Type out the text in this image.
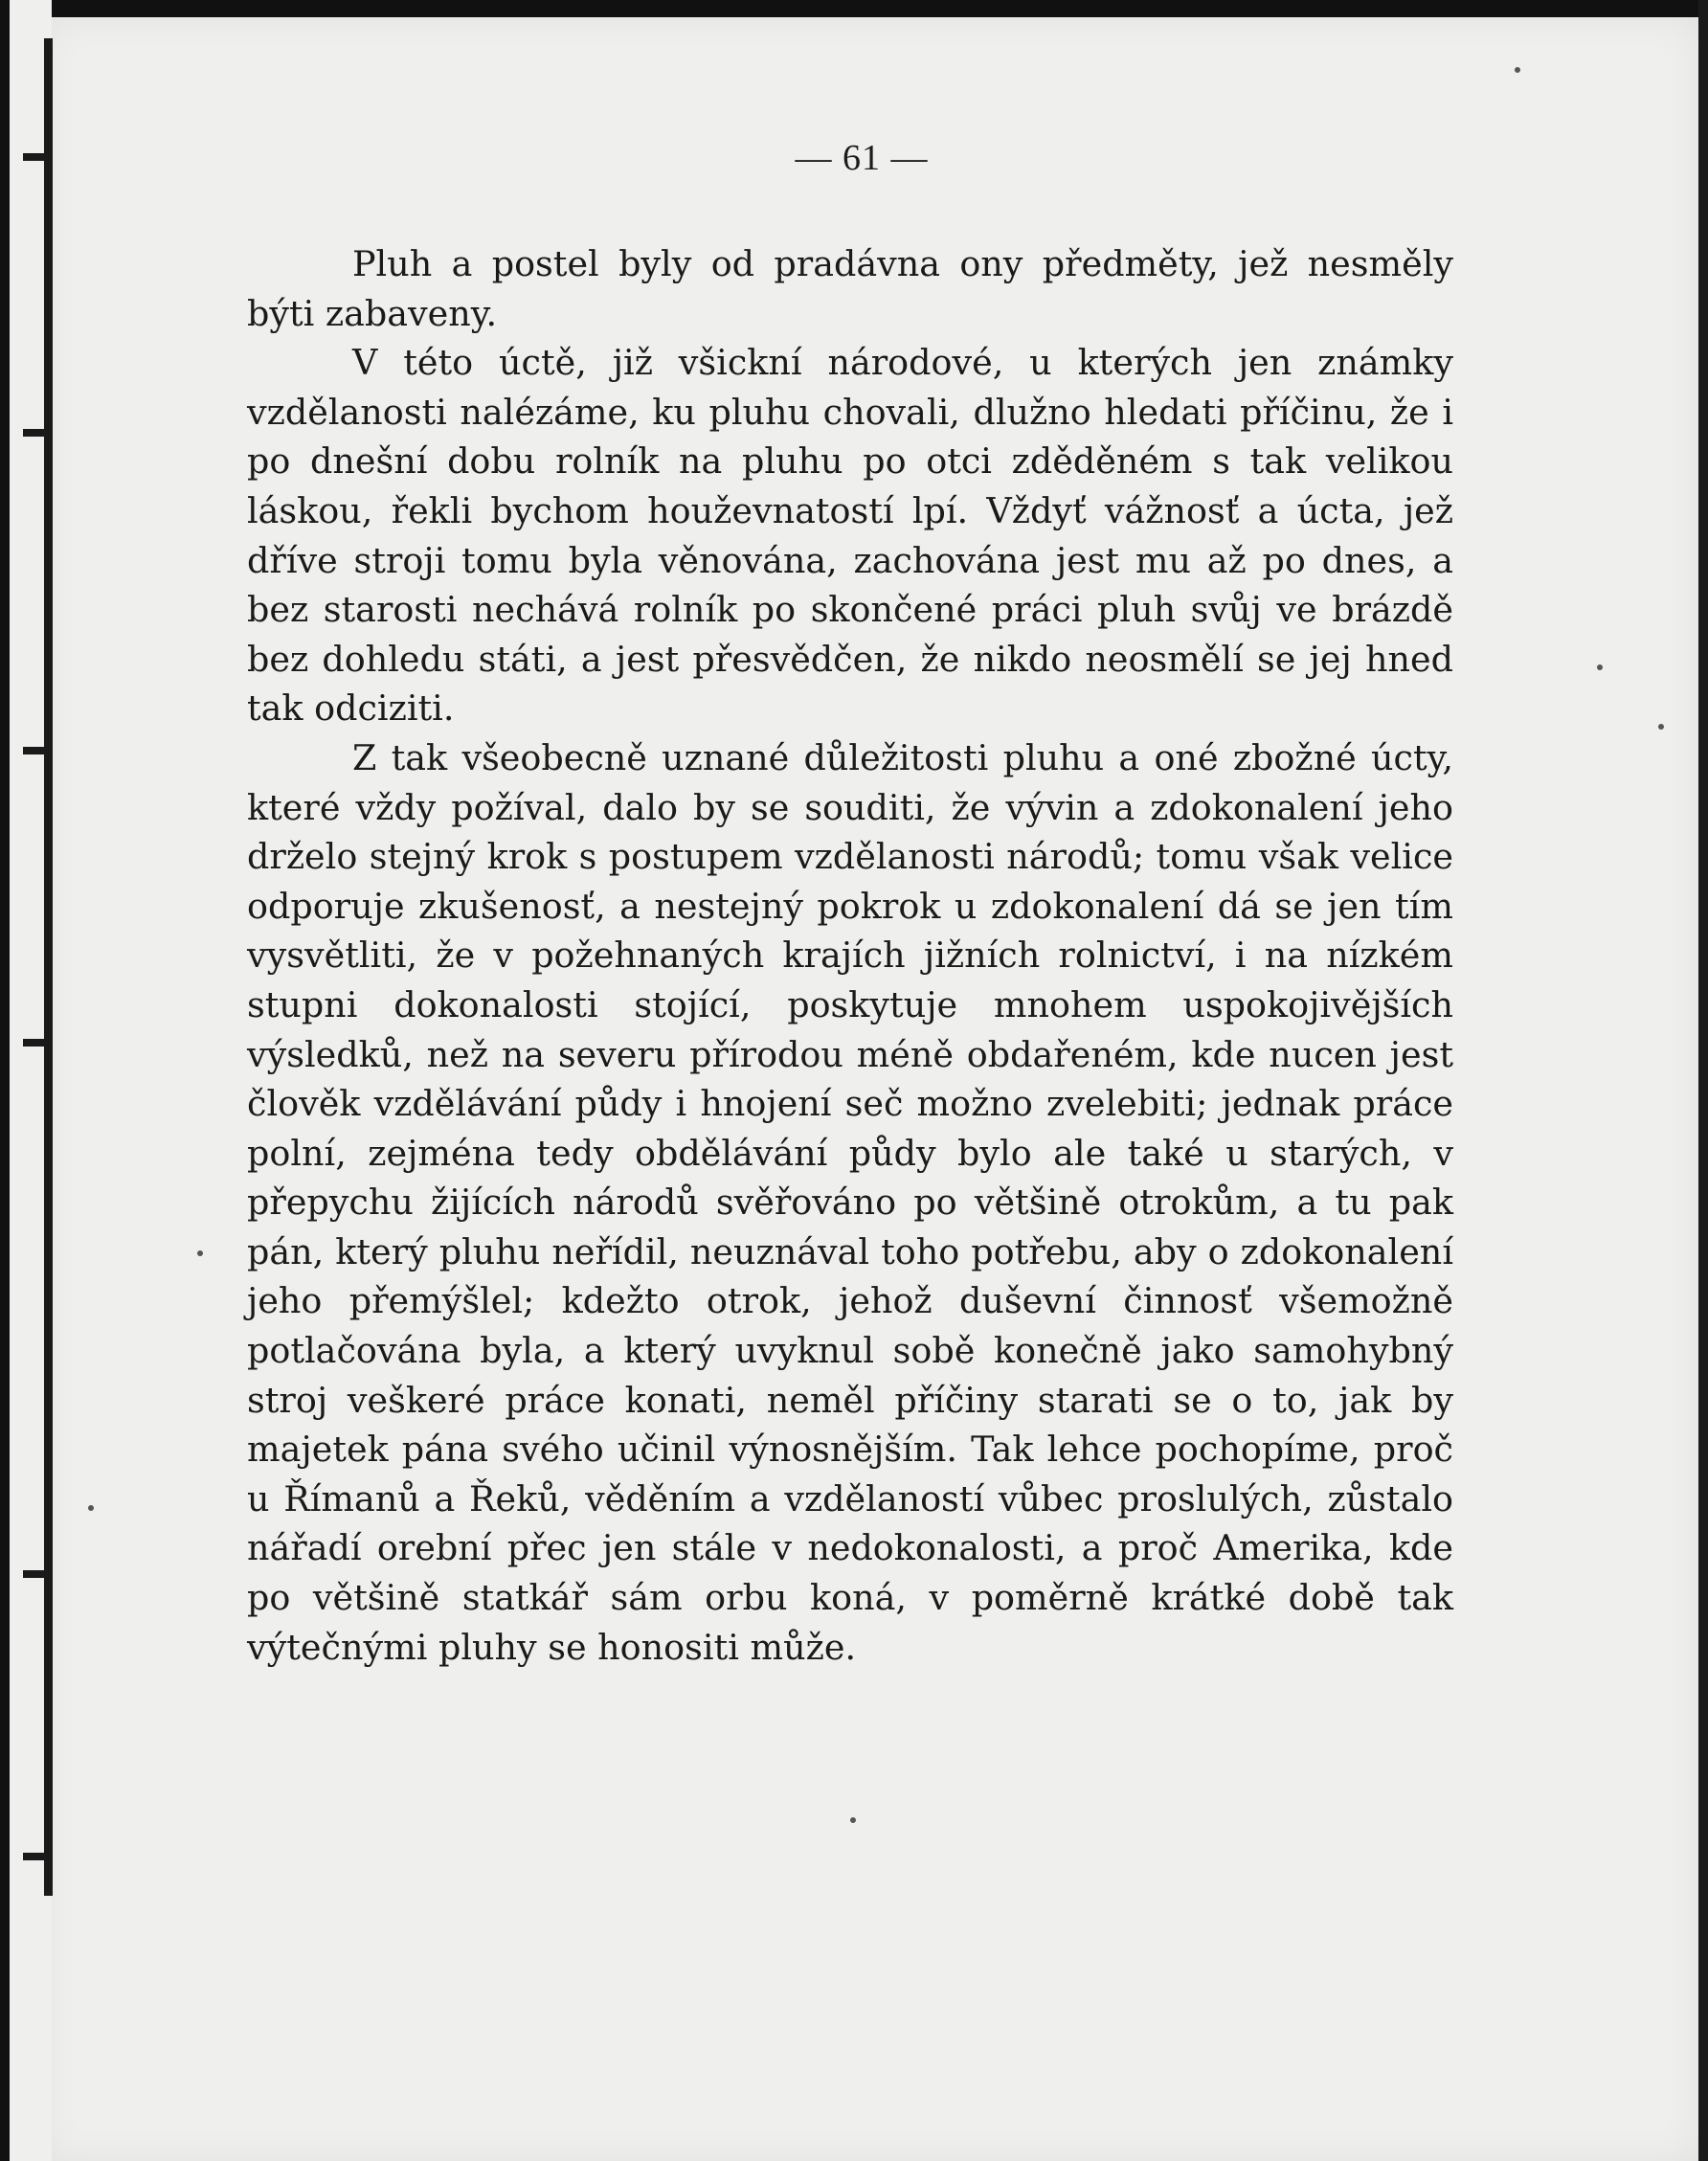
— 61 —

Pluh a postel byly od pradávna ony předměty, jež nesměly býti zabaveny.

V této úctě, již všickní národové, u kterých jen známky vzdělanosti nalézáme, ku pluhu chovali, dlužno hledati příčinu, že i po dnešní dobu rolník na pluhu po otci zděděném s tak velikou láskou, řekli bychom houževnatostí lpí. Vždyť vážnosť a úcta, jež dříve stroji tomu byla věnována, zachována jest mu až po dnes, a bez starosti nechává rolník po skončené práci pluh svůj ve brázdě bez dohledu státi, a jest přesvědčen, že nikdo neosmělí se jej hned tak odciziti.

Z tak všeobecně uznané důležitosti pluhu a oné zbožné úcty, které vždy požíval, dalo by se souditi, že vývin a zdokonalení jeho drželo stejný krok s postupem vzdělanosti národů; tomu však velice odporuje zkušenosť, a nestejný pokrok u zdokonalení dá se jen tím vysvětliti, že v požehnaných krajích jižních rolnictví, i na nízkém stupni dokonalosti stojící, poskytuje mnohem uspokojivějších výsledků, než na severu přírodou méně obdařeném, kde nucen jest člověk vzdělávání půdy i hnojení seč možno zvelebiti; jednak práce polní, zejména tedy obdělávání půdy bylo ale také u starých, v přepychu žijících národů svěřováno po většině otrokům, a tu pak pán, který pluhu neřídil, neuznával toho potřebu, aby o zdokonalení jeho přemýšlel; kdežto otrok, jehož duševní činnosť všemožně potlačována byla, a který uvyknul sobě konečně jako samohybný stroj veškeré práce konati, neměl příčiny starati se o to, jak by majetek pána svého učinil výnosnějším. Tak lehce pochopíme, proč u Římanů a Řeků, věděním a vzdělaností vůbec proslulých, zůstalo nářadí orební přec jen stále v nedokonalosti, a proč Amerika, kde po většině statkář sám orbu koná, v poměrně krátké době tak výtečnými pluhy se honositi může.
